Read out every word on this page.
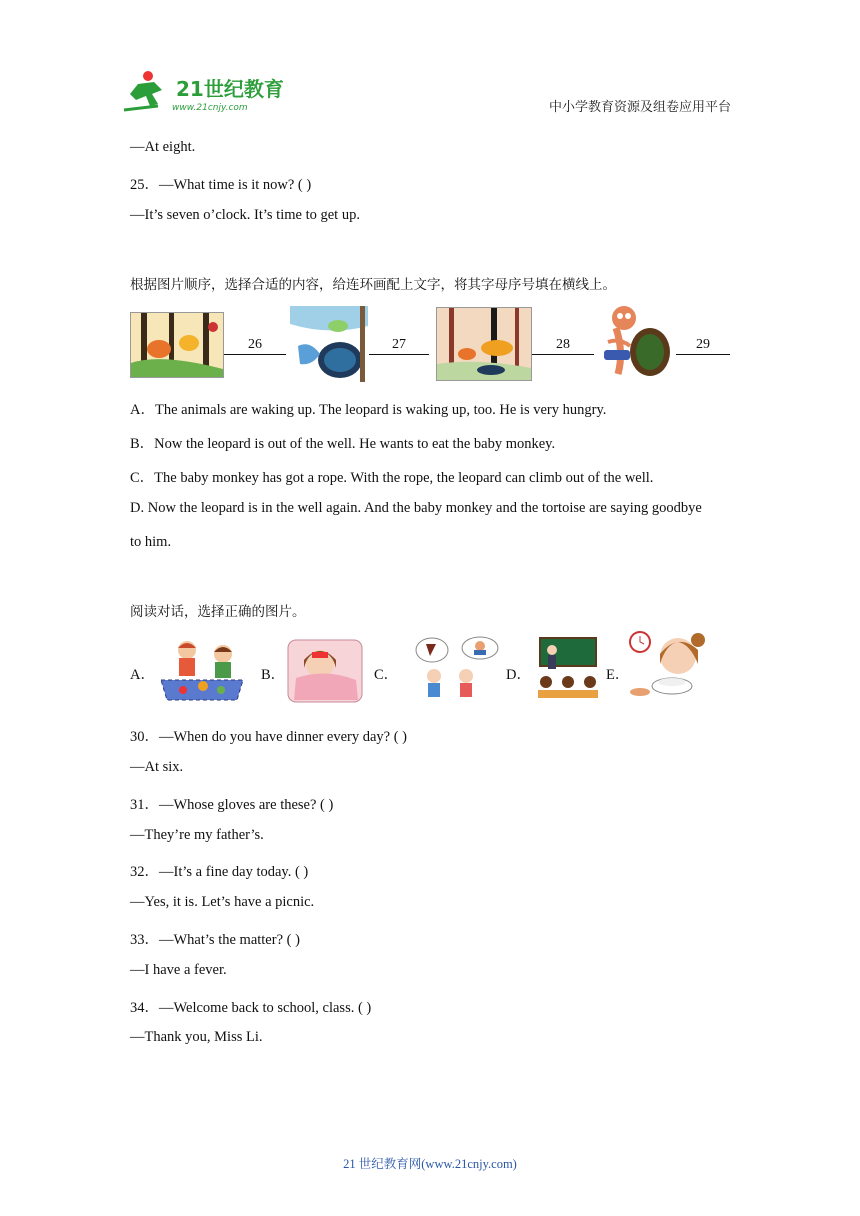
21世纪教育
www.21cnjy.com	中小学教育资源及组卷应用平台
—At eight.
25．—What time is it now? ( )
—It’s seven o’clock. It’s time to get up.
根据图片顺序，选择合适的内容，给连环画配上文字，将其字母序号填在横线上。
26	27	28	29
A．The animals are waking up. The leopard is waking up, too. He is very hungry.
B．Now the leopard is out of the well. He wants to eat the baby monkey.
C．The baby monkey has got a rope. With the rope, the leopard can climb out of the well.
D. Now the leopard is in the well again. And the baby monkey and the tortoise are saying goodbye
to him.
阅读对话，选择正确的图片。
A．	B．	C．	D．	E．
30．—When do you have dinner every day? ( )
—At six.
31．—Whose gloves are these? ( )
—They’re my father’s.
32．—It’s a fine day today. ( )
—Yes, it is. Let’s have a picnic.
33．—What’s the matter? ( )
—I have a fever.
34．—Welcome back to school, class. ( )
—Thank you, Miss Li.
21 世纪教育网(www.21cnjy.com)
